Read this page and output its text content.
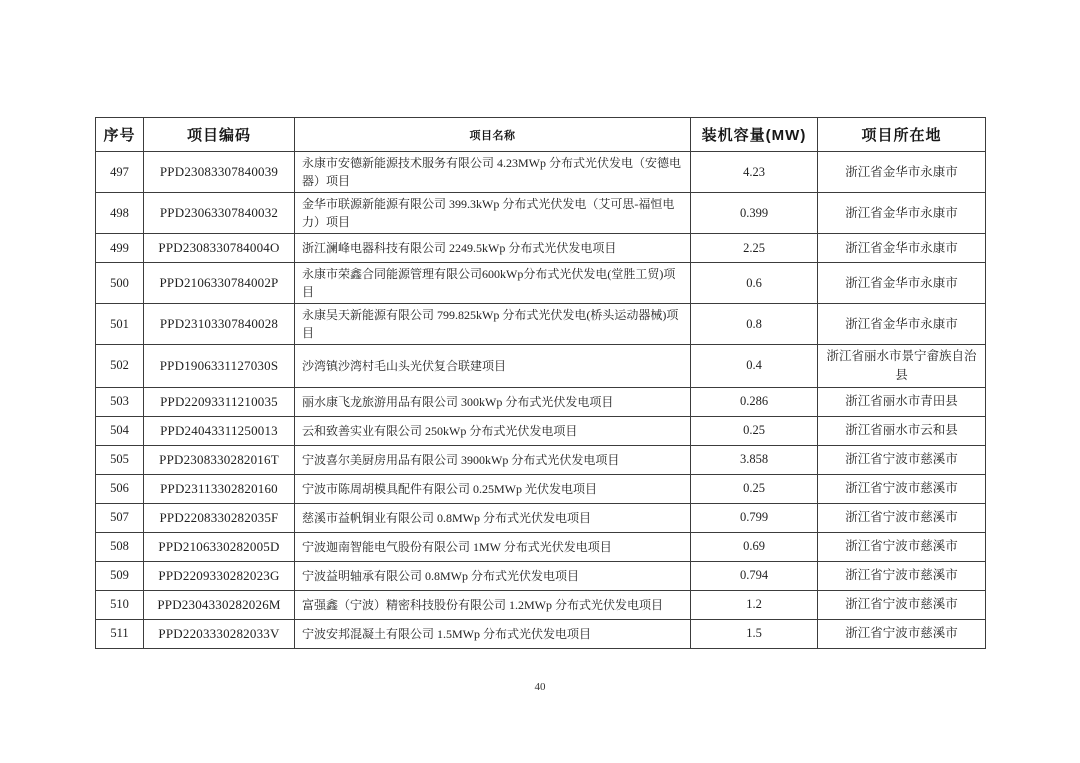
序号	项目编码	项目名称	装机容量(MW)	项目所在地
497	PPD23083307840039	永康市安德新能源技术服务有限公司 4.23MWp 分布式光伏发电（安德电器）项目	4.23	浙江省金华市永康市
498	PPD23063307840032	金华市联源新能源有限公司 399.3kWp 分布式光伏发电（艾可思-福恒电力）项目	0.399	浙江省金华市永康市
499	PPD2308330784004O	浙江澜峰电器科技有限公司 2249.5kWp 分布式光伏发电项目	2.25	浙江省金华市永康市
500	PPD2106330784002P	永康市荣鑫合同能源管理有限公司600kWp分布式光伏发电(堂胜工贸)项目	0.6	浙江省金华市永康市
501	PPD23103307840028	永康吴天新能源有限公司 799.825kWp 分布式光伏发电(桥头运动器械)项目	0.8	浙江省金华市永康市
502	PPD1906331127030S	沙湾镇沙湾村毛山头光伏复合联建项目	0.4	浙江省丽水市景宁畲族自治县
503	PPD22093311210035	丽水康飞龙旅游用品有限公司 300kWp 分布式光伏发电项目	0.286	浙江省丽水市青田县
504	PPD24043311250013	云和致善实业有限公司 250kWp 分布式光伏发电项目	0.25	浙江省丽水市云和县
505	PPD2308330282016T	宁波喜尔美厨房用品有限公司 3900kWp 分布式光伏发电项目	3.858	浙江省宁波市慈溪市
506	PPD23113302820160	宁波市陈周胡模具配件有限公司 0.25MWp 光伏发电项目	0.25	浙江省宁波市慈溪市
507	PPD2208330282035F	慈溪市益帆铜业有限公司 0.8MWp 分布式光伏发电项目	0.799	浙江省宁波市慈溪市
508	PPD2106330282005D	宁波迦南智能电气股份有限公司 1MW 分布式光伏发电项目	0.69	浙江省宁波市慈溪市
509	PPD2209330282023G	宁波益明轴承有限公司 0.8MWp 分布式光伏发电项目	0.794	浙江省宁波市慈溪市
510	PPD2304330282026M	富强鑫（宁波）精密科技股份有限公司 1.2MWp 分布式光伏发电项目	1.2	浙江省宁波市慈溪市
511	PPD2203330282033V	宁波安邦混凝土有限公司 1.5MWp 分布式光伏发电项目	1.5	浙江省宁波市慈溪市
40
